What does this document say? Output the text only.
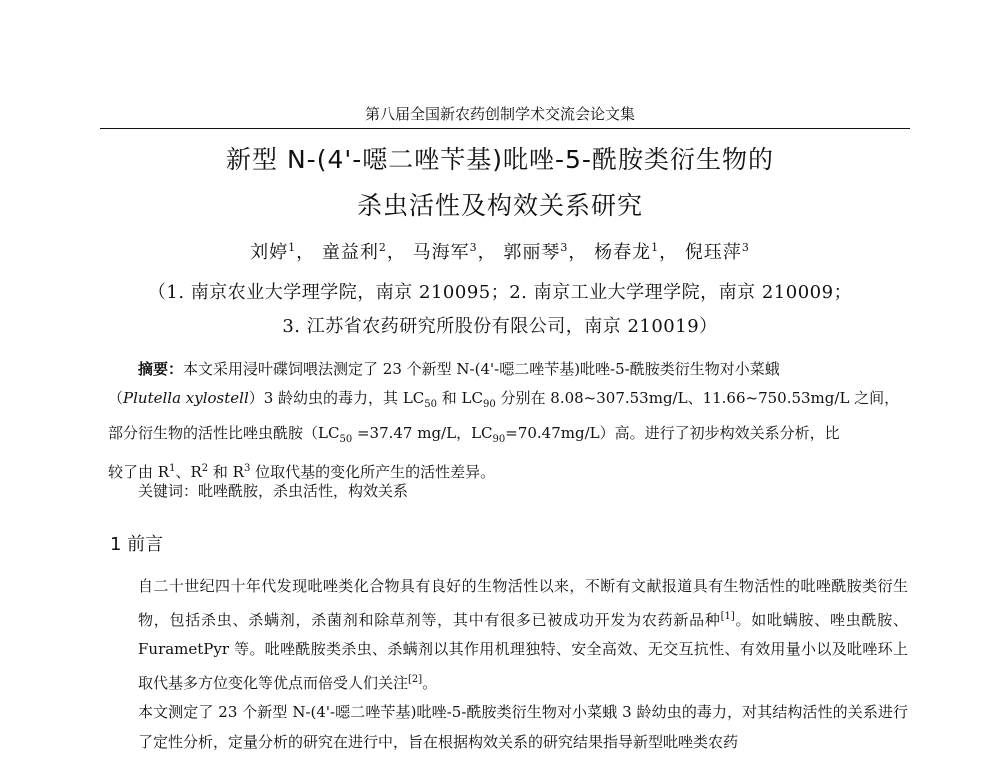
第八届全国新农药创制学术交流会论文集
新型 N-(4'-噁二唑苄基)吡唑-5-酰胺类衍生物的
杀虫活性及构效关系研究
刘婷$^1$， 童益利$^2$， 马海军$^3$， 郭丽琴$^3$， 杨春龙$^1$， 倪珏萍$^3$
（1. 南京农业大学理学院，南京 210095；2. 南京工业大学理学院，南京 210009；
3. 江苏省农药研究所股份有限公司，南京 210019）
摘要：本文采用浸叶碟饲喂法测定了 23 个新型 N-(4'-噁二唑苄基)吡唑-5-酰胺类衍生物对小菜蛾
（Plutella xylostell）3 龄幼虫的毒力，其 $LC_{50}$ 和 $LC_{90}$ 分别在 8.08~307.53mg/L、11.66~750.53mg/L 之间，
部分衍生物的活性比唑虫酰胺（$LC_{50} =37.47$ mg/L，$LC_{90}=70.47mg/L$）高。进行了初步构效关系分析，比
较了由 $R^1$、$R^2$ 和 $R^3$ 位取代基的变化所产生的活性差异。
关键词：吡唑酰胺，杀虫活性，构效关系
1 前言
自二十世纪四十年代发现吡唑类化合物具有良好的生物活性以来，不断有文献报道具有生物活性的吡唑酰胺类衍生物，包括杀虫、杀螨剂，杀菌剂和除草剂等，其中有很多已被成功开发为农药新品种[1]。如吡螨胺、唑虫酰胺、FurametPyr 等。吡唑酰胺类杀虫、杀螨剂以其作用机理独特、安全高效、无交互抗性、有效用量小以及吡唑环上取代基多方位变化等优点而倍受人们关注[2]。
本文测定了 23 个新型 N-(4'-噁二唑苄基)吡唑-5-酰胺类衍生物对小菜蛾 3 龄幼虫的毒力，对其结构活性的关系进行了定性分析，定量分析的研究在进行中，旨在根据构效关系的研究结果指导新型吡唑类农药
